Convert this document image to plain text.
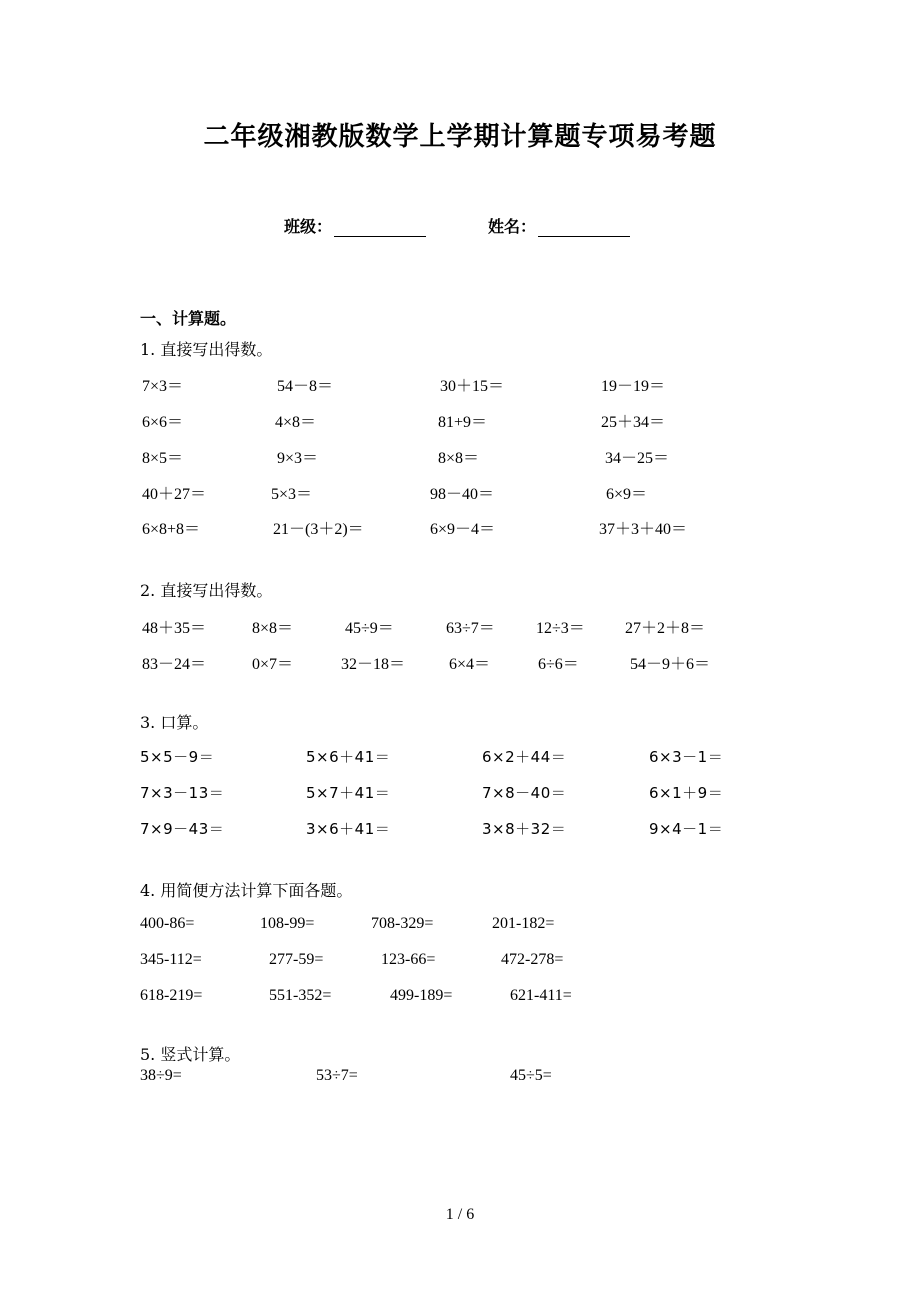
二年级湘教版数学上学期计算题专项易考题
班级：	姓名：
一、计算题。
1. 直接写出得数。
7×3＝	54－8＝	30＋15＝	19－19＝
6×6＝	4×8＝	81+9＝	25＋34＝
8×5＝	9×3＝	8×8＝	34－25＝
40＋27＝	5×3＝	98－40＝	6×9＝
6×8+8＝	21－(3＋2)＝	6×9－4＝	37＋3＋40＝
2. 直接写出得数。
48＋35＝	8×8＝	45÷9＝	63÷7＝	12÷3＝	27＋2＋8＝
83－24＝	0×7＝	32－18＝	6×4＝	6÷6＝	54－9＋6＝
3. 口算。
5×5－9＝	5×6＋41＝	6×2＋44＝	6×3－1＝
7×3－13＝	5×7＋41＝	7×8－40＝	6×1＋9＝
7×9－43＝	3×6＋41＝	3×8＋32＝	9×4－1＝
4. 用简便方法计算下面各题。
400-86=	108-99=	708-329=	201-182=
345-112=	277-59=	123-66=	472-278=
618-219=	551-352=	499-189=	621-411=
5. 竖式计算。
38÷9=	53÷7=	45÷5=
1 / 6
